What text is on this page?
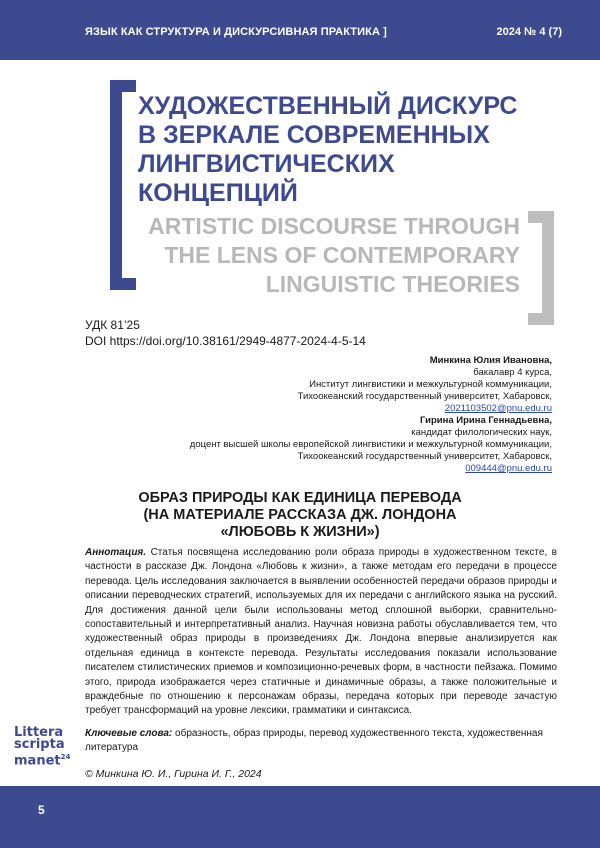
ЯЗЫК КАК СТРУКТУРА И ДИСКУРСИВНАЯ ПРАКТИКА ]	2024 № 4 (7)
ХУДОЖЕСТВЕННЫЙ ДИСКУРС
В ЗЕРКАЛЕ СОВРЕМЕННЫХ
ЛИНГВИСТИЧЕСКИХ
КОНЦЕПЦИЙ
ARTISTIC DISCOURSE THROUGH
THE LENS OF CONTEMPORARY
LINGUISTIC THEORIES
УДК 81’25
DOI https://doi.org/10.38161/2949-4877-2024-4-5-14
Минкина Юлия Ивановна,
бакалавр 4 курса,
Институт лингвистики и межкультурной коммуникации,
Тихоокеанский государственный университет, Хабаровск,
2021103502@pnu.edu.ru
Гирина Ирина Геннадьевна,
кандидат филологических наук,
доцент высшей школы европейской лингвистики и межкультурной коммуникации,
Тихоокеанский государственный университет, Хабаровск,
009444@pnu.edu.ru
ОБРАЗ ПРИРОДЫ КАК ЕДИНИЦА ПЕРЕВОДА
(НА МАТЕРИАЛЕ РАССКАЗА ДЖ. ЛОНДОНА
«ЛЮБОВЬ К ЖИЗНИ»)

Аннотация. Статья посвящена исследованию роли образа природы в художественном тексте, в частности в рассказе Дж. Лондона «Любовь к жизни», а также методам его передачи в процессе перевода. Цель исследования заключается в выявлении особенностей передачи образов природы и описании переводческих стратегий, используемых для их передачи с английского языка на русский. Для достижения данной цели были использованы метод сплошной выборки, сравнительно-сопоставительный и интерпретативный анализ. Научная новизна работы обуславливается тем, что художественный образ природы в произведениях Дж. Лондона впервые анализируется как отдельная единица в контексте перевода. Результаты исследования показали использование писателем стилистических приемов и композиционно-речевых форм, в частности пейзажа. Помимо этого, природа изображается через статичные и динамичные образы, а также положительные и враждебные по отношению к персонажам образы, передача которых при переводе зачастую требует трансформаций на уровне лексики, грамматики и синтаксиса.

Littera
scripta
manet$^{24}$

Ключевые слова: образность, образ природы, перевод художественного текста, художественная литература

© Минкина Ю. И., Гирина И. Г., 2024
5
